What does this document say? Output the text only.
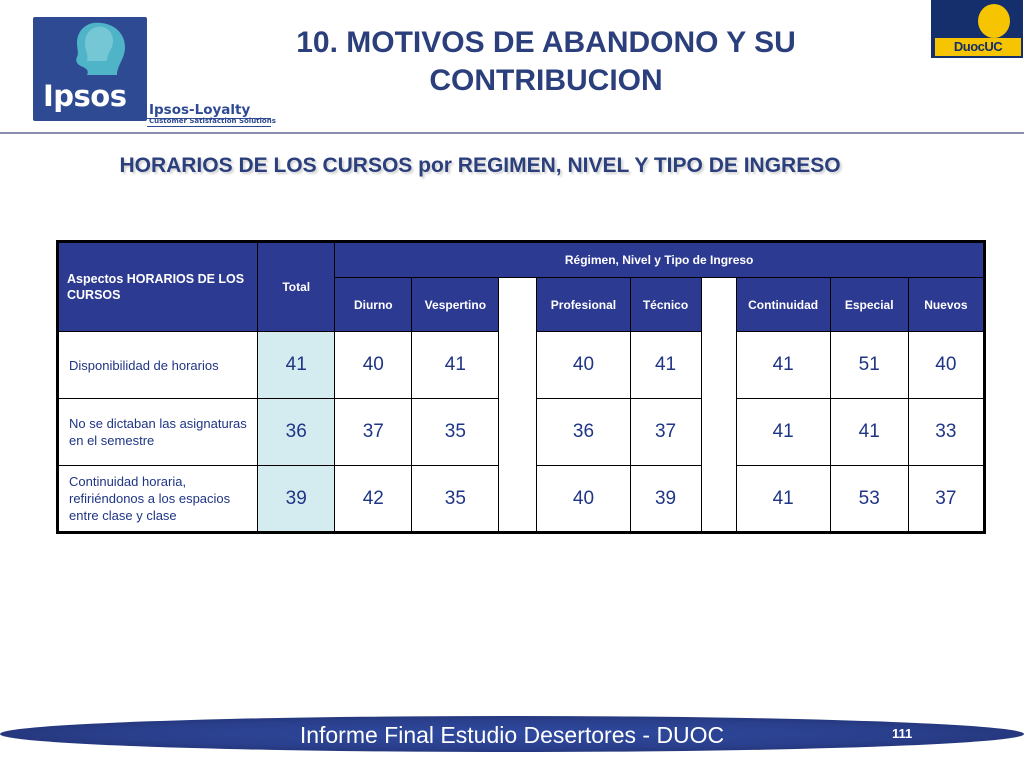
Ipsos Ipsos-Loyalty
Customer Satisfaction Solutions
10. MOTIVOS DE ABANDONO Y SU CONTRIBUCION
DuocUC
HORARIOS DE LOS CURSOS por REGIMEN, NIVEL Y TIPO DE INGRESO
Aspectos HORARIOS DE LOS CURSOS	Total	Régimen, Nivel y Tipo de Ingreso								
		Diurno	Vespertino		Profesional	Técnico		Continuidad	Especial	Nuevos
Disponibilidad de horarios	41	40	41		40	41		41	51	40
No se dictaban las asignaturas en el semestre	36	37	35		36	37		41	41	33
Continuidad horaria, refiriéndonos a los espacios entre clase y clase	39	42	35		40	39		41	53	37
Informe Final Estudio Desertores - DUOC	111
